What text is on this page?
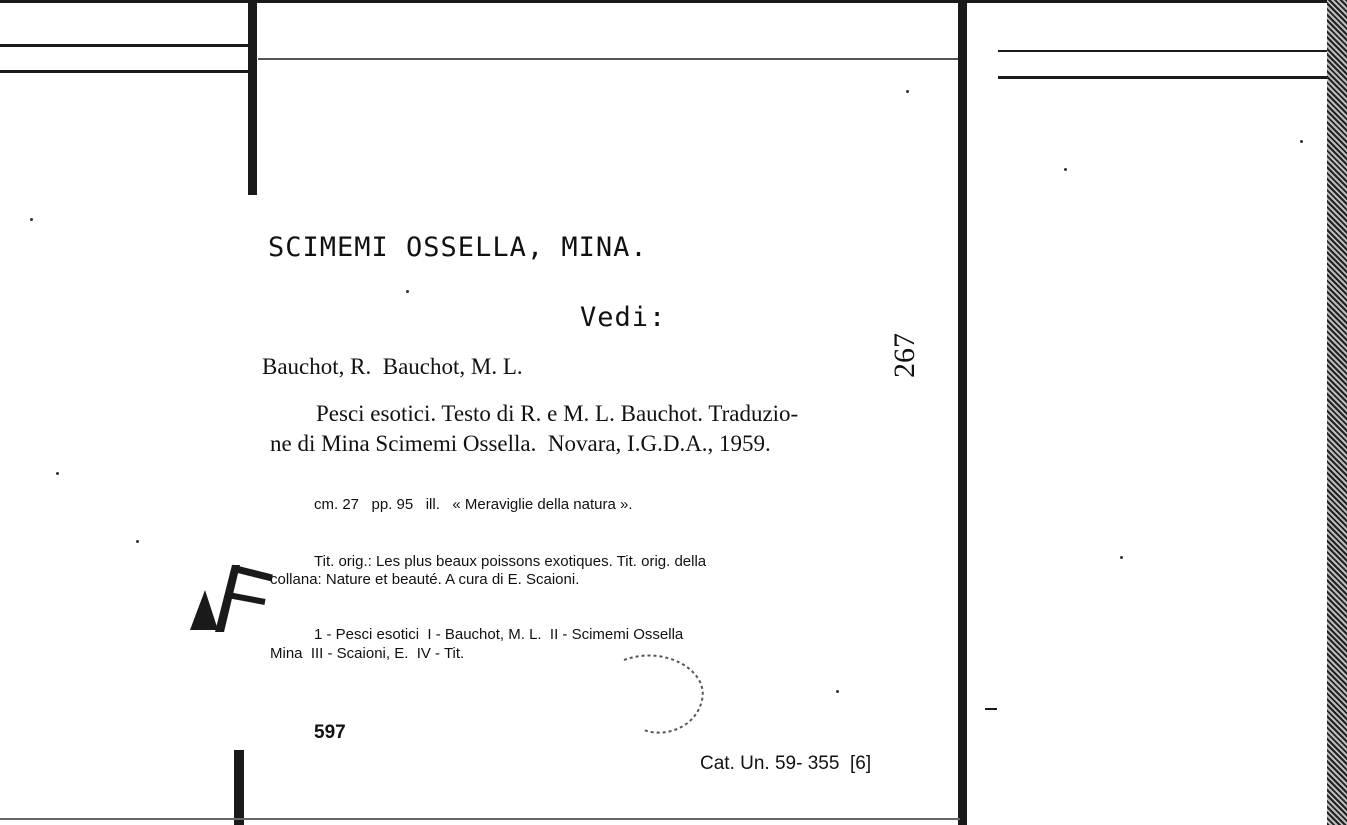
SCIMEMI OSSELLA, MINA.
Vedi:
267
Bauchot, R.  Bauchot, M. L.
Pesci esotici. Testo di R. e M. L. Bauchot. Traduzio-
ne di Mina Scimemi Ossella.  Novara, I.G.D.A., 1959.
cm. 27   pp. 95   ill.   « Meraviglie della natura ».
Tit. orig.: Les plus beaux poissons exotiques. Tit. orig. della
collana: Nature et beauté. A cura di E. Scaioni.
1 - Pesci esotici  I - Bauchot, M. L.  II - Scimemi Ossella
Mina  III - Scaioni, E.  IV - Tit.
597
Cat. Un. 59- 355  [6]
